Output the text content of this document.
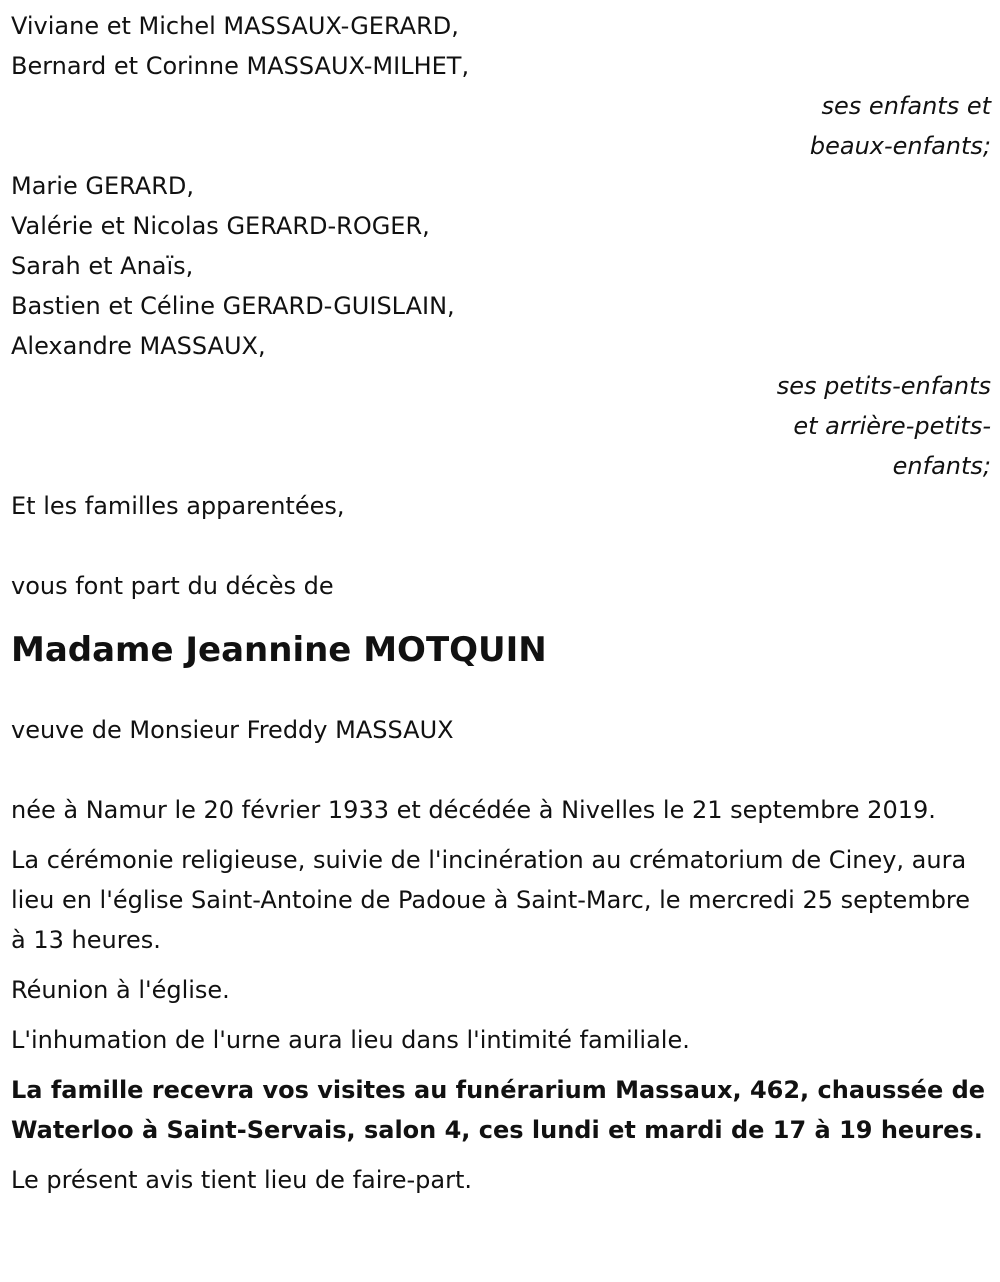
Viviane et Michel MASSAUX-GERARD,
Bernard et Corinne MASSAUX-MILHET,
ses enfants et
beaux-enfants;
Marie GERARD,
Valérie et Nicolas GERARD-ROGER,
Sarah et Anaïs,
Bastien et Céline GERARD-GUISLAIN,
Alexandre MASSAUX,
ses petits-enfants
et arrière-petits-
enfants;
Et les familles apparentées,
vous font part du décès de
Madame Jeannine MOTQUIN
veuve de Monsieur Freddy MASSAUX

née à Namur le 20 février 1933 et décédée à Nivelles le 21 septembre 2019.

La cérémonie religieuse, suivie de l'incinération au crématorium de Ciney, aura lieu en l'église Saint-Antoine de Padoue à Saint-Marc, le mercredi 25 septembre à 13 heures.

Réunion à l'église.

L'inhumation de l'urne aura lieu dans l'intimité familiale.

La famille recevra vos visites au funérarium Massaux, 462, chaussée de Waterloo à Saint-Servais, salon 4, ces lundi et mardi de 17 à 19 heures.

Le présent avis tient lieu de faire-part.
